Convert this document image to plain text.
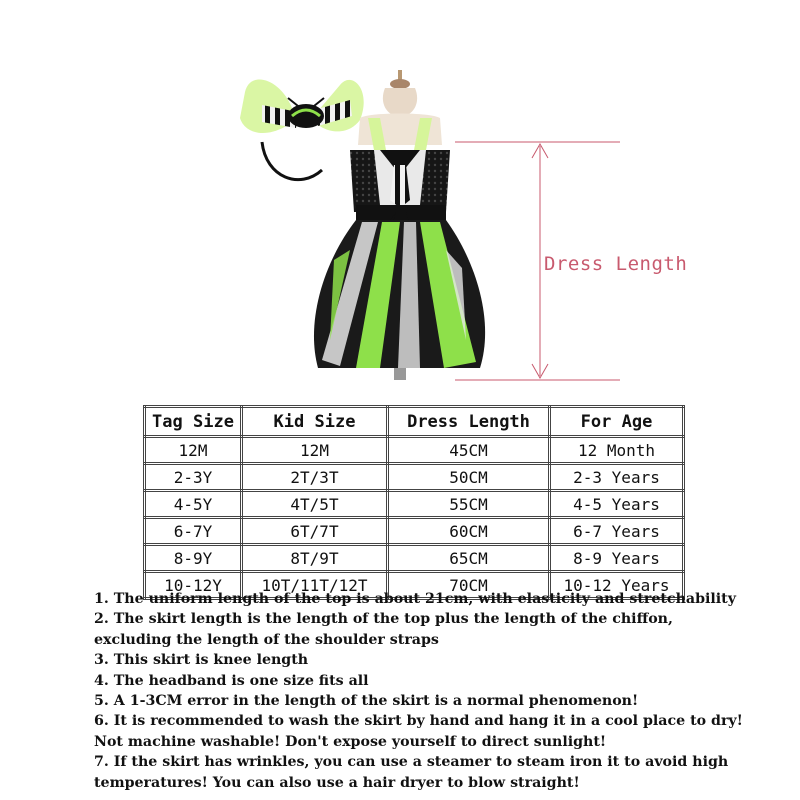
Dress Length
Tag Size	Kid Size	Dress Length	For Age
12M	12M	45CM	12 Month
2-3Y	2T/3T	50CM	2-3 Years
4-5Y	4T/5T	55CM	4-5 Years
6-7Y	6T/7T	60CM	6-7 Years
8-9Y	8T/9T	65CM	8-9 Years
10-12Y	10T/11T/12T	70CM	10-12 Years

1. The uniform length of the top is about 21cm, with elasticity and stretchability

2. The skirt length is the length of the top plus the length of the chiffon, excluding the length of the shoulder straps

3. This skirt is knee length

4. The headband is one size fits all

5. A 1-3CM error in the length of the skirt is a normal phenomenon!

6. It is recommended to wash the skirt by hand and hang it in a cool place to dry! Not machine washable! Don't expose yourself to direct sunlight!

7. If the skirt has wrinkles, you can use a steamer to steam iron it to avoid high temperatures! You can also use a hair dryer to blow straight!
